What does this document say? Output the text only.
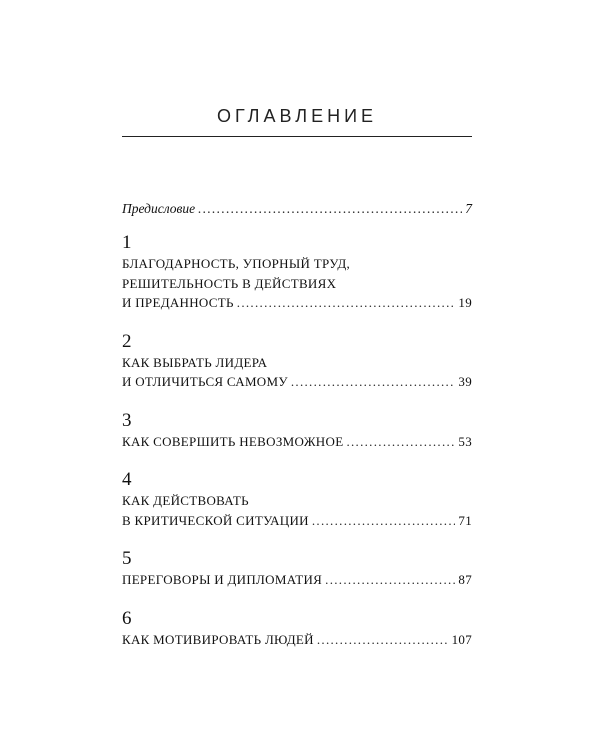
ОГЛАВЛЕНИЕ
Предисловие .....	7
1
БЛАГОДАРНОСТЬ, УПОРНЫЙ ТРУД,
РЕШИТЕЛЬНОСТЬ В ДЕЙСТВИЯХ
И ПРЕДАННОСТЬ .....	19
2
КАК ВЫБРАТЬ ЛИДЕРА
И ОТЛИЧИТЬСЯ САМОМУ .....	39
3
КАК СОВЕРШИТЬ НЕВОЗМОЖНОЕ .....	53
4
КАК ДЕЙСТВОВАТЬ
В КРИТИЧЕСКОЙ СИТУАЦИИ .....	71
5
ПЕРЕГОВОРЫ И ДИПЛОМАТИЯ .....	87
6
КАК МОТИВИРОВАТЬ ЛЮДЕЙ .....	107
